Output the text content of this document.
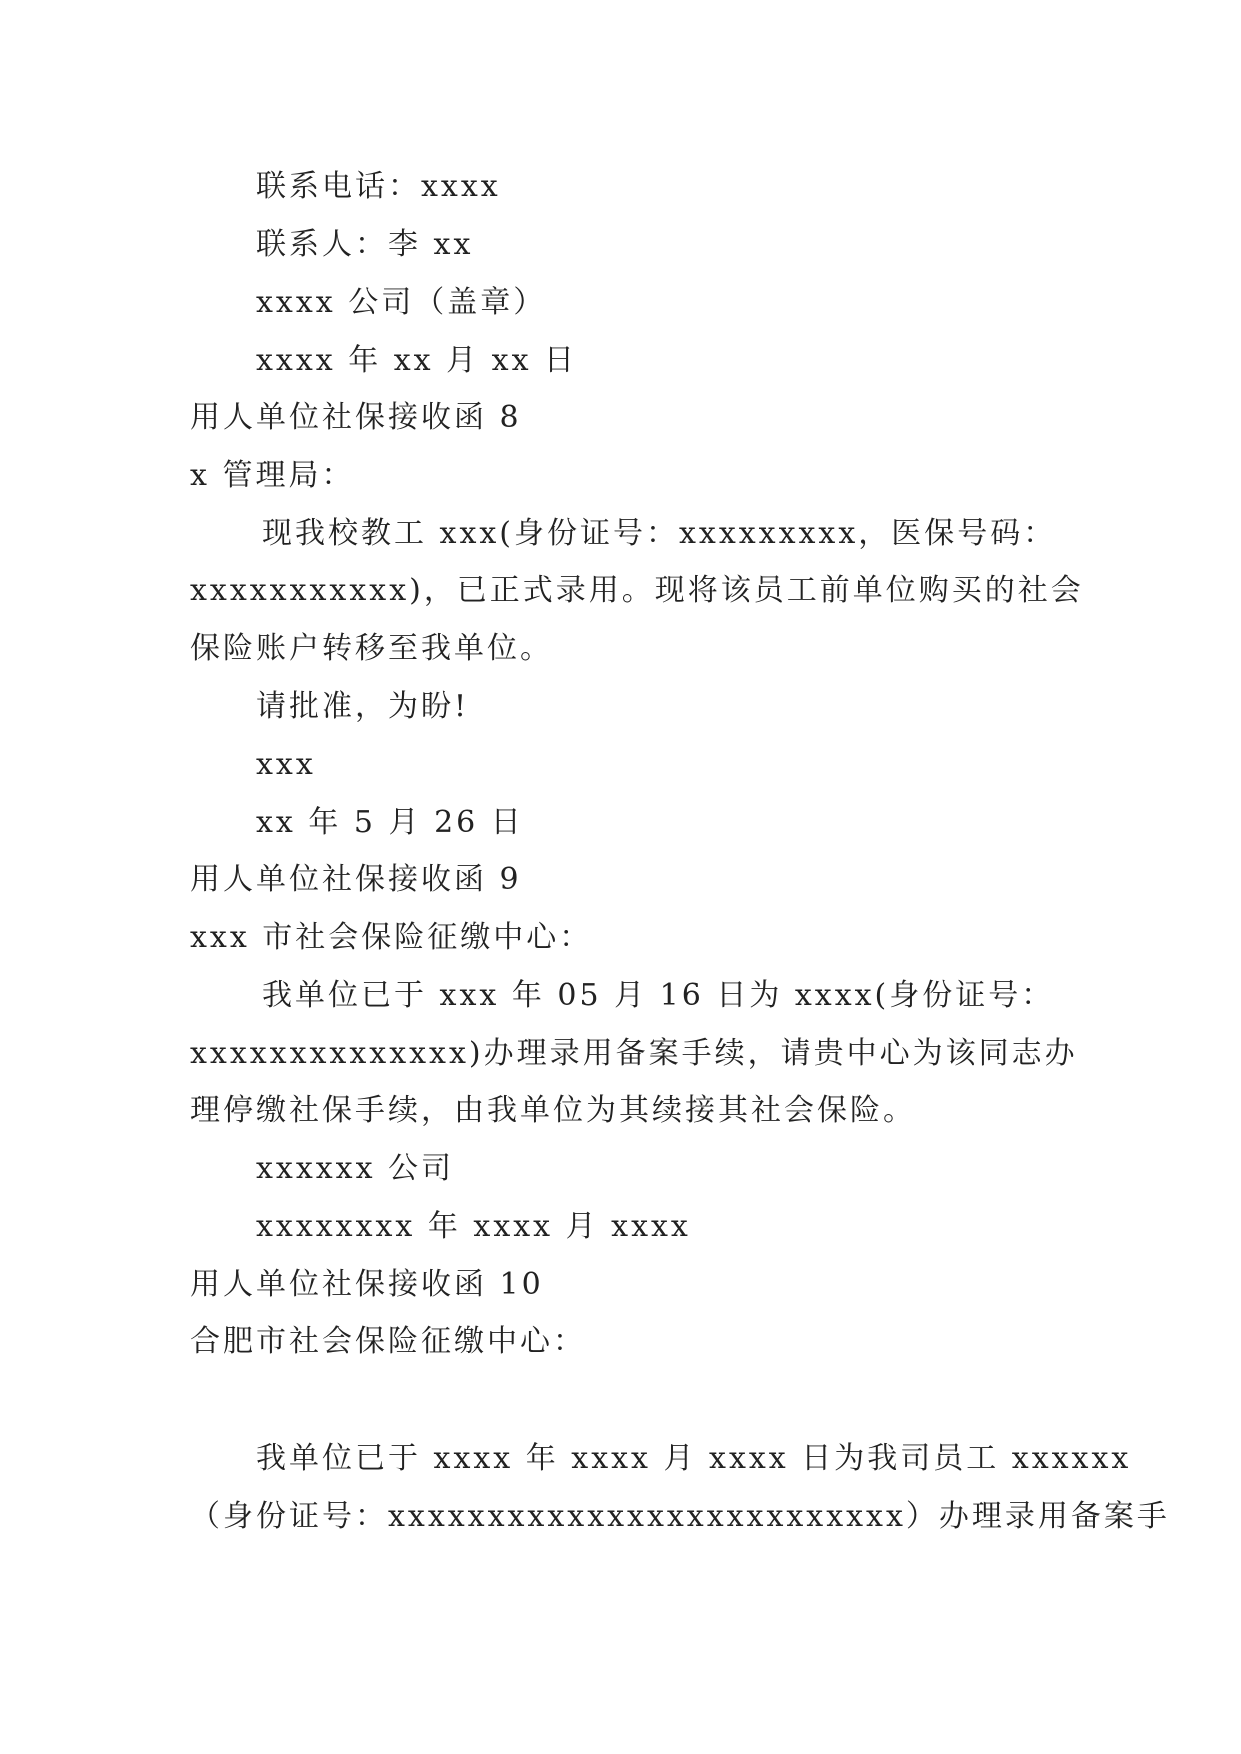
联系电话：xxxx
联系人：李 xx
xxxx 公司（盖章）
xxxx 年 xx 月 xx 日
用人单位社保接收函 8
x 管理局：
现我校教工 xxx(身份证号：xxxxxxxxx，医保号码：
xxxxxxxxxxx)，已正式录用。现将该员工前单位购买的社会
保险账户转移至我单位。
请批准，为盼!
xxx
xx 年 5 月 26 日
用人单位社保接收函 9
xxx 市社会保险征缴中心：
我单位已于 xxx 年 05 月 16 日为 xxxx(身份证号：
xxxxxxxxxxxxxx)办理录用备案手续，请贵中心为该同志办
理停缴社保手续，由我单位为其续接其社会保险。
xxxxxx 公司
xxxxxxxx 年 xxxx 月 xxxx
用人单位社保接收函 10
合肥市社会保险征缴中心：
我单位已于 xxxx 年 xxxx 月 xxxx 日为我司员工 xxxxxx
（身份证号：xxxxxxxxxxxxxxxxxxxxxxxxxx）办理录用备案手
